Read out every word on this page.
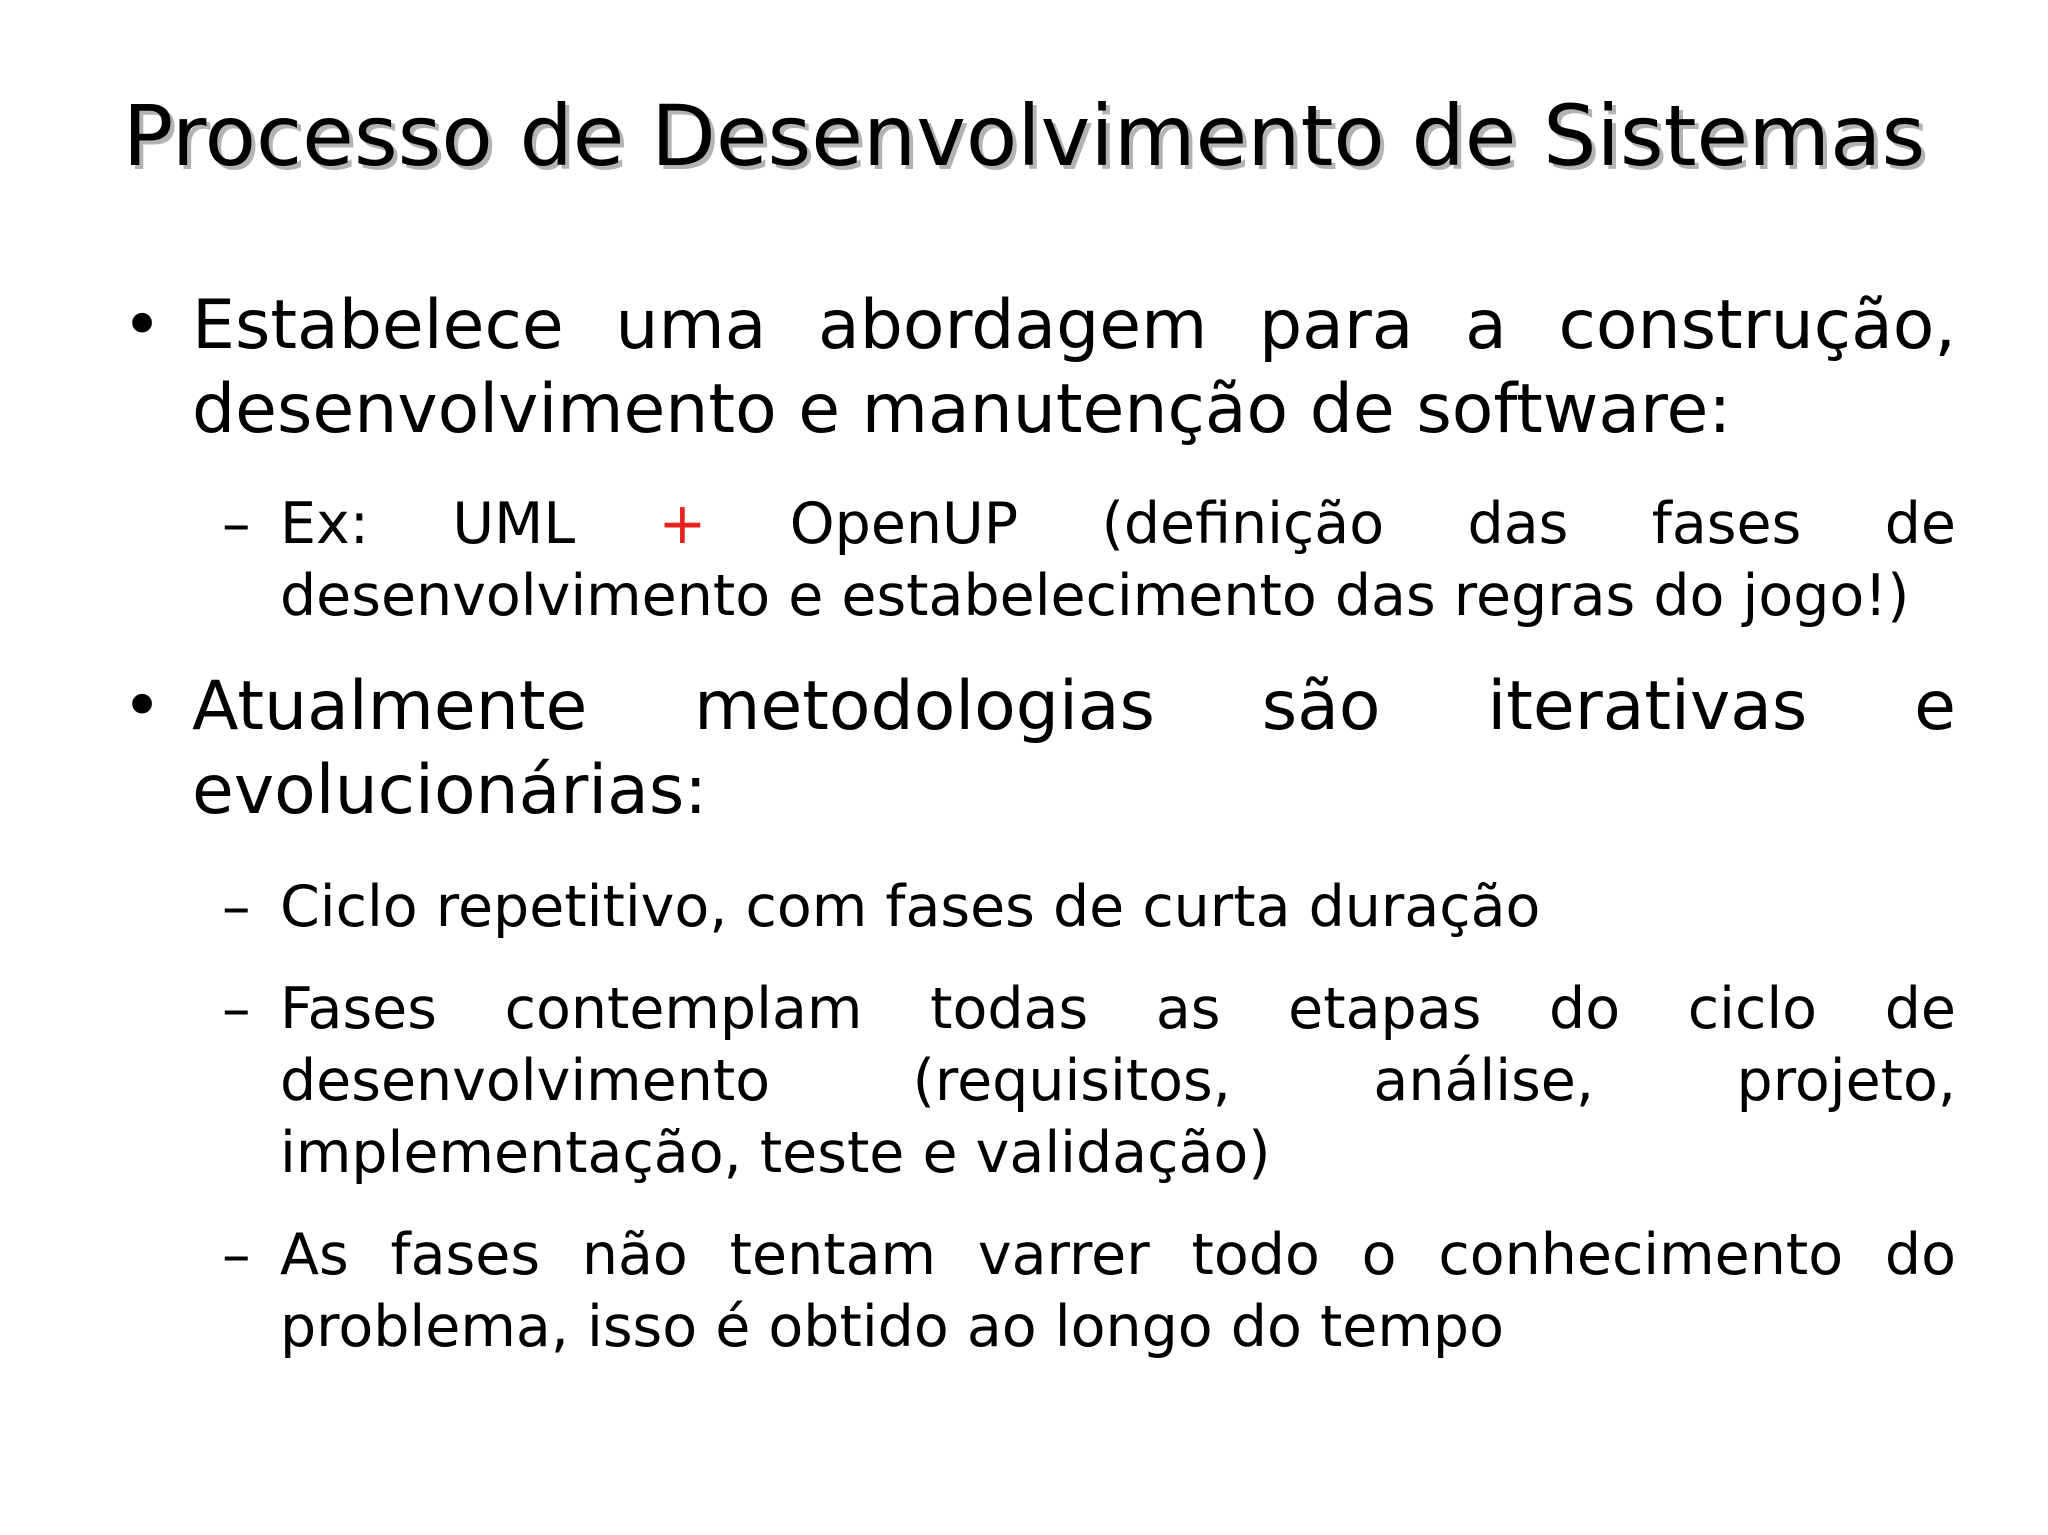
Processo de Desenvolvimento de Sistemas
• Estabelece uma abordagem para a construção, desenvolvimento e manutenção de software:
– Ex: UML + OpenUP (definição das fases de desenvolvimento e estabelecimento das regras do jogo!)
• Atualmente metodologias são iterativas e evolucionárias:
– Ciclo repetitivo, com fases de curta duração
– Fases contemplam todas as etapas do ciclo de desenvolvimento (requisitos, análise, projeto, implementação, teste e validação)
– As fases não tentam varrer todo o conhecimento do problema, isso é obtido ao longo do tempo
